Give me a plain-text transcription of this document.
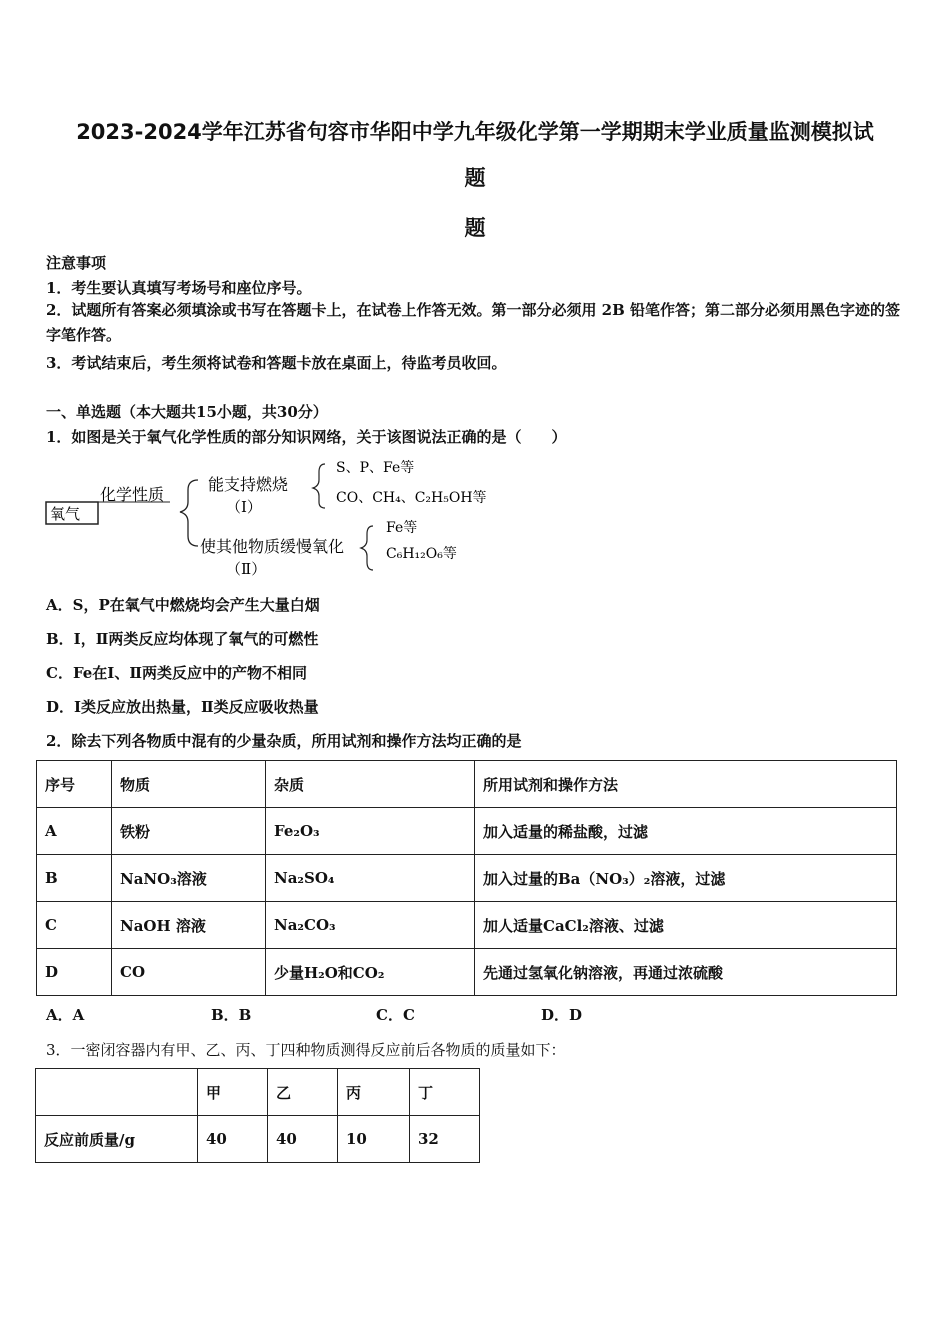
2023-2024学年江苏省句容市华阳中学九年级化学第一学期期末学业质量监测模拟试
题
题
注意事项
1．考生要认真填写考场号和座位序号。
2．试题所有答案必须填涂或书写在答题卡上，在试卷上作答无效。第一部分必须用 2B 铅笔作答；第二部分必须用黑色字迹的签字笔作答。
3．考试结束后，考生须将试卷和答题卡放在桌面上，待监考员收回。
一、单选题（本大题共15小题，共30分）
1．如图是关于氧气化学性质的部分知识网络，关于该图说法正确的是（　　）
氧气
化学性质
能支持燃烧
（Ⅰ）
S、P、Fe等
CO、CH₄、C₂H₅OH等
使其他物质缓慢氧化
（Ⅱ）
Fe等
C₆H₁₂O₆等
A．S，P在氧气中燃烧均会产生大量白烟
B．Ⅰ，Ⅱ两类反应均体现了氧气的可燃性
C．Fe在Ⅰ、Ⅱ两类反应中的产物不相同
D．Ⅰ类反应放出热量，Ⅱ类反应吸收热量
2．除去下列各物质中混有的少量杂质，所用试剂和操作方法均正确的是
序号	物质	杂质	所用试剂和操作方法
A	铁粉	Fe₂O₃	加入适量的稀盐酸，过滤
B	NaNO₃溶液	Na₂SO₄	加入过量的Ba（NO₃）₂溶液，过滤
C	NaOH 溶液	Na₂CO₃	加人适量CaCl₂溶液、过滤
D	CO	少量H₂O和CO₂	先通过氢氧化钠溶液，再通过浓硫酸
A．A	B．B	C．C	D．D
3．一密闭容器内有甲、乙、丙、丁四种物质测得反应前后各物质的质量如下：
	甲	乙	丙	丁
反应前质量/g	40	40	10	32
